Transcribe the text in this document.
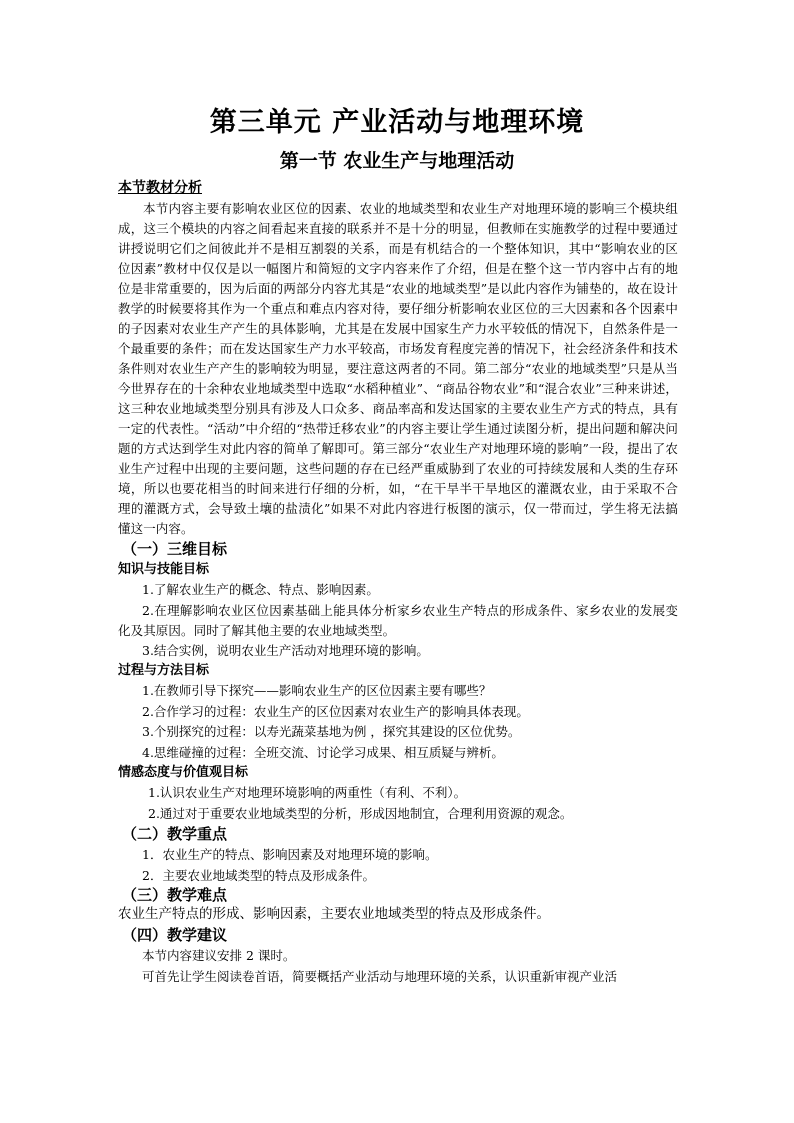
第三单元 产业活动与地理环境
第一节 农业生产与地理活动
本节教材分析

本节内容主要有影响农业区位的因素、农业的地域类型和农业生产对地理环境的影响三个模块组成，这三个模块的内容之间看起来直接的联系并不是十分的明显，但教师在实施教学的过程中要通过讲授说明它们之间彼此并不是相互割裂的关系，而是有机结合的一个整体知识，其中“影响农业的区位因素”教材中仅仅是以一幅图片和简短的文字内容来作了介绍，但是在整个这一节内容中占有的地位是非常重要的，因为后面的两部分内容尤其是“农业的地域类型”是以此内容作为铺垫的，故在设计教学的时候要将其作为一个重点和难点内容对待，要仔细分析影响农业区位的三大因素和各个因素中的子因素对农业生产产生的具体影响，尤其是在发展中国家生产力水平较低的情况下，自然条件是一个最重要的条件；而在发达国家生产力水平较高，市场发育程度完善的情况下，社会经济条件和技术条件则对农业生产产生的影响较为明显，要注意这两者的不同。第二部分“农业的地域类型”只是从当今世界存在的十余种农业地域类型中选取“水稻种植业”、“商品谷物农业”和“混合农业”三种来讲述，这三种农业地域类型分别具有涉及人口众多、商品率高和发达国家的主要农业生产方式的特点，具有一定的代表性。“活动”中介绍的“热带迁移农业”的内容主要让学生通过读图分析，提出问题和解决问题的方式达到学生对此内容的简单了解即可。第三部分“农业生产对地理环境的影响”一段，提出了农业生产过程中出现的主要问题，这些问题的存在已经严重威胁到了农业的可持续发展和人类的生存环境，所以也要花相当的时间来进行仔细的分析，如，“在干旱半干旱地区的灌溉农业，由于采取不合理的灌溉方式，会导致土壤的盐渍化”如果不对此内容进行板图的演示，仅一带而过，学生将无法搞懂这一内容。

（一）三维目标
知识与技能目标

1.了解农业生产的概念、特点、影响因素。

2.在理解影响农业区位因素基础上能具体分析家乡农业生产特点的形成条件、家乡农业的发展变化及其原因。同时了解其他主要的农业地域类型。

3.结合实例，说明农业生产活动对地理环境的影响。

过程与方法目标

1.在教师引导下探究——影响农业生产的区位因素主要有哪些？

2.合作学习的过程：农业生产的区位因素对农业生产的影响具体表现。

3.个别探究的过程：以寿光蔬菜基地为例 ，探究其建设的区位优势。

4.思维碰撞的过程：全班交流、讨论学习成果、相互质疑与辨析。

情感态度与价值观目标

1.认识农业生产对地理环境影响的两重性（有利、不利）。

2.通过对于重要农业地域类型的分析，形成因地制宜，合理利用资源的观念。

（二）教学重点

1．农业生产的特点、影响因素及对地理环境的影响。

2．主要农业地域类型的特点及形成条件。

（三）教学难点

农业生产特点的形成、影响因素，主要农业地域类型的特点及形成条件。

（四）教学建议

本节内容建议安排 2 课时。

可首先让学生阅读卷首语，简要概括产业活动与地理环境的关系，认识重新审视产业活
